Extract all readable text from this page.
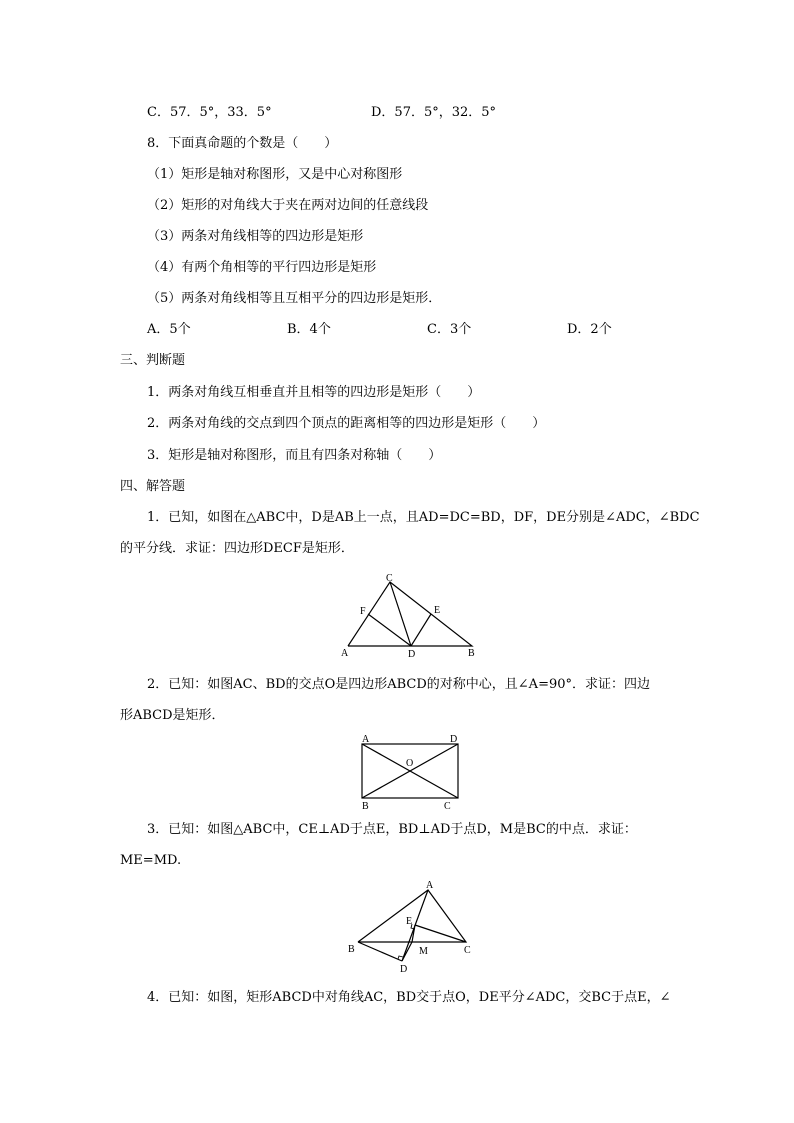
C．57．5°，33．5°	D．57．5°，32．5°
8．下面真命题的个数是（　　）
（1）矩形是轴对称图形，又是中心对称图形
（2）矩形的对角线大于夹在两对边间的任意线段
（3）两条对角线相等的四边形是矩形
（4）有两个角相等的平行四边形是矩形
（5）两条对角线相等且互相平分的四边形是矩形．
A．5个	B．4个	C．3个	D．2个
三、判断题
1．两条对角线互相垂直并且相等的四边形是矩形（　　）
2．两条对角线的交点到四个顶点的距离相等的四边形是矩形（　　）
3．矩形是轴对称图形，而且有四条对称轴（　　）
四、解答题
1．已知，如图在△ABC中，D是AB上一点，且AD=DC=BD，DF，DE分别是∠ADC，∠BDC
的平分线．求证：四边形DECF是矩形．
A	B
C
D
E
F
2．已知：如图AC、BD的交点O是四边形ABCD的对称中心，且∠A=90°．求证：四边
形ABCD是矩形．
A	D
B	C
O
3．已知：如图△ABC中，CE⊥AD于点E，BD⊥AD于点D，M是BC的中点．求证：
ME=MD.
A
B	C
E
M
D
4．已知：如图，矩形ABCD中对角线AC，BD交于点O，DE平分∠ADC，交BC于点E，∠
